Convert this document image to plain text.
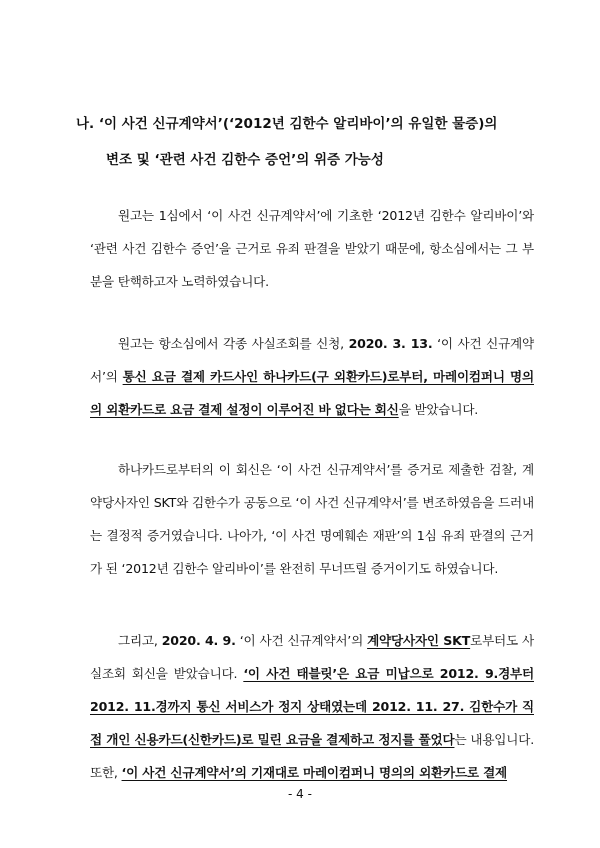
나. ‘이 사건 신규계약서’(‘2012년 김한수 알리바이’의 유일한 물증)의
변조 및 ‘관련 사건 김한수 증언’의 위증 가능성
원고는 1심에서 ‘이 사건 신규계약서’에 기초한 ‘2012년 김한수 알리바이’와 ‘관련 사건 김한수 증언’을 근거로 유죄 판결을 받았기 때문에, 항소심에서는 그 부분을 탄핵하고자 노력하였습니다.
원고는 항소심에서 각종 사실조회를 신청, 2020. 3. 13. ‘이 사건 신규계약서’의 통신 요금 결제 카드사인 하나카드(구 외환카드)로부터, 마레이컴퍼니 명의의 외환카드로 요금 결제 설정이 이루어진 바 없다는 회신을 받았습니다.
하나카드로부터의 이 회신은 ‘이 사건 신규계약서’를 증거로 제출한 검찰, 계약당사자인 SKT와 김한수가 공동으로 ‘이 사건 신규계약서’를 변조하였음을 드러내는 결정적 증거였습니다. 나아가, ‘이 사건 명예훼손 재판’의 1심 유죄 판결의 근거가 된 ‘2012년 김한수 알리바이’를 완전히 무너뜨릴 증거이기도 하였습니다.
그리고, 2020. 4. 9. ‘이 사건 신규계약서’의 계약당사자인 SKT로부터도 사실조회 회신을 받았습니다. ‘이 사건 태블릿’은 요금 미납으로 2012. 9.경부터 2012. 11.경까지 통신 서비스가 정지 상태였는데 2012. 11. 27. 김한수가 직접 개인 신용카드(신한카드)로 밀린 요금을 결제하고 정지를 풀었다는 내용입니다. 또한, ‘이 사건 신규계약서’의 기재대로 마레이컴퍼니 명의의 외환카드로 결제
- 4 -
